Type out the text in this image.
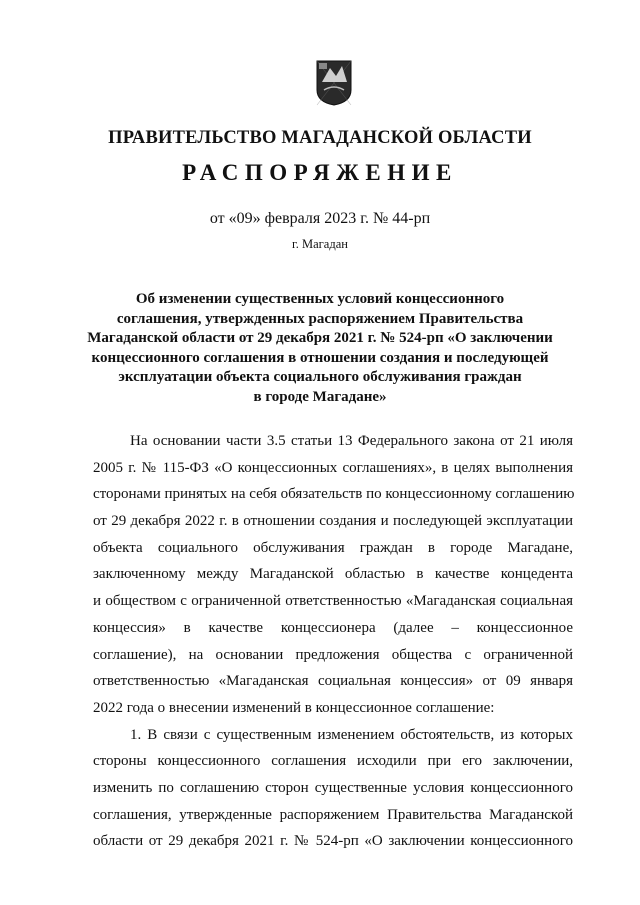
ПРАВИТЕЛЬСТВО МАГАДАНСКОЙ ОБЛАСТИ
РАСПОРЯЖЕНИЕ
от «09» февраля 2023 г. № 44-рп
г. Магадан
Об изменении существенных условий концессионного
соглашения, утвержденных распоряжением Правительства
Магаданской области от 29 декабря 2021 г. № 524-рп «О заключении
концессионного соглашения в отношении создания и последующей
эксплуатации объекта социального обслуживания граждан
в городе Магадане»
На основании части 3.5 статьи 13 Федерального закона от 21 июля
2005 г. № 115-ФЗ «О концессионных соглашениях», в целях выполнения
сторонами принятых на себя обязательств по концессионному соглашению
от 29 декабря 2022 г. в отношении создания и последующей эксплуатации
объекта социального обслуживания граждан в городе Магадане,
заключенному между Магаданской областью в качестве концедента
и обществом с ограниченной ответственностью «Магаданская социальная
концессия» в качестве концессионера (далее – концессионное
соглашение), на основании предложения общества с ограниченной
ответственностью «Магаданская социальная концессия» от 09 января
2022 года о внесении изменений в концессионное соглашение:
1. В связи с существенным изменением обстоятельств, из которых
стороны концессионного соглашения исходили при его заключении,
изменить по соглашению сторон существенные условия концессионного
соглашения, утвержденные распоряжением Правительства Магаданской
области от 29 декабря 2021 г. № 524-рп «О заключении концессионного
